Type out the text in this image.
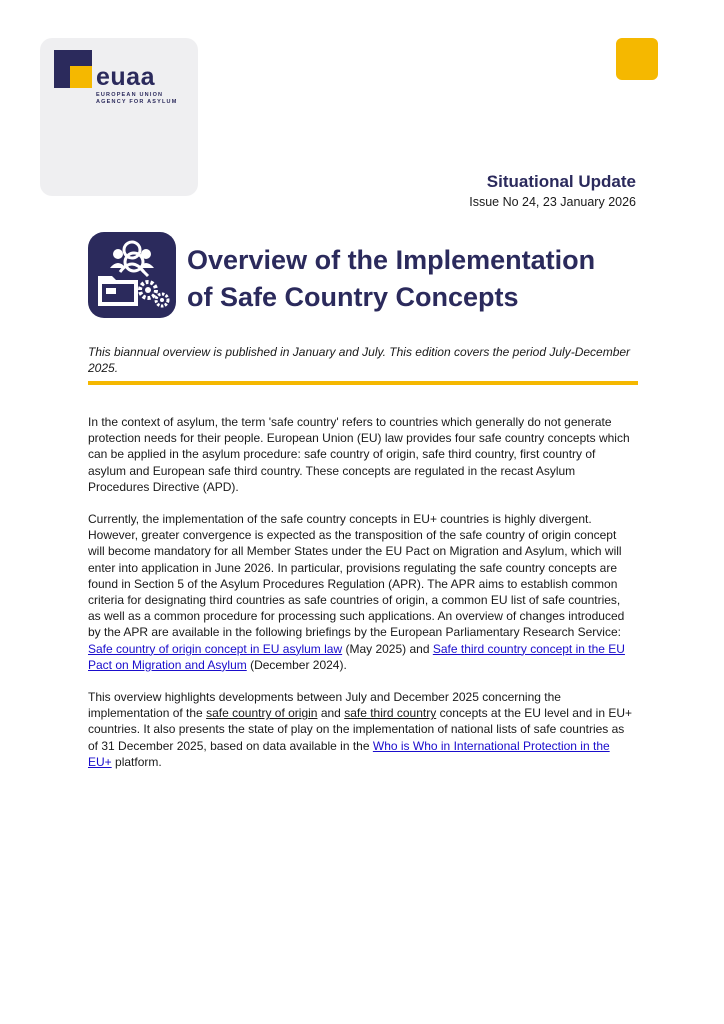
euaa
EUROPEAN UNION
AGENCY FOR ASYLUM
Situational Update
Issue No 24, 23 January 2026
Overview of the Implementation
of Safe Country Concepts
This biannual overview is published in January and July. This edition covers the period July-December 2025.

In the context of asylum, the term 'safe country' refers to countries which generally do not generate protection needs for their people. European Union (EU) law provides four safe country concepts which can be applied in the asylum procedure: safe country of origin, safe third country, first country of asylum and European safe third country. These concepts are regulated in the recast Asylum Procedures Directive (APD).

Currently, the implementation of the safe country concepts in EU+ countries is highly divergent. However, greater convergence is expected as the transposition of the safe country of origin concept will become mandatory for all Member States under the EU Pact on Migration and Asylum, which will enter into application in June 2026. In particular, provisions regulating the safe country concepts are found in Section 5 of the Asylum Procedures Regulation (APR). The APR aims to establish common criteria for designating third countries as safe countries of origin, a common EU list of safe countries, as well as a common procedure for processing such applications. An overview of changes introduced by the APR are available in the following briefings by the European Parliamentary Research Service: Safe country of origin concept in EU asylum law (May 2025) and Safe third country concept in the EU Pact on Migration and Asylum (December 2024).

This overview highlights developments between July and December 2025 concerning the implementation of the safe country of origin and safe third country concepts at the EU level and in EU+ countries. It also presents the state of play on the implementation of national lists of safe countries as of 31 December 2025, based on data available in the Who is Who in International Protection in the EU+ platform.
